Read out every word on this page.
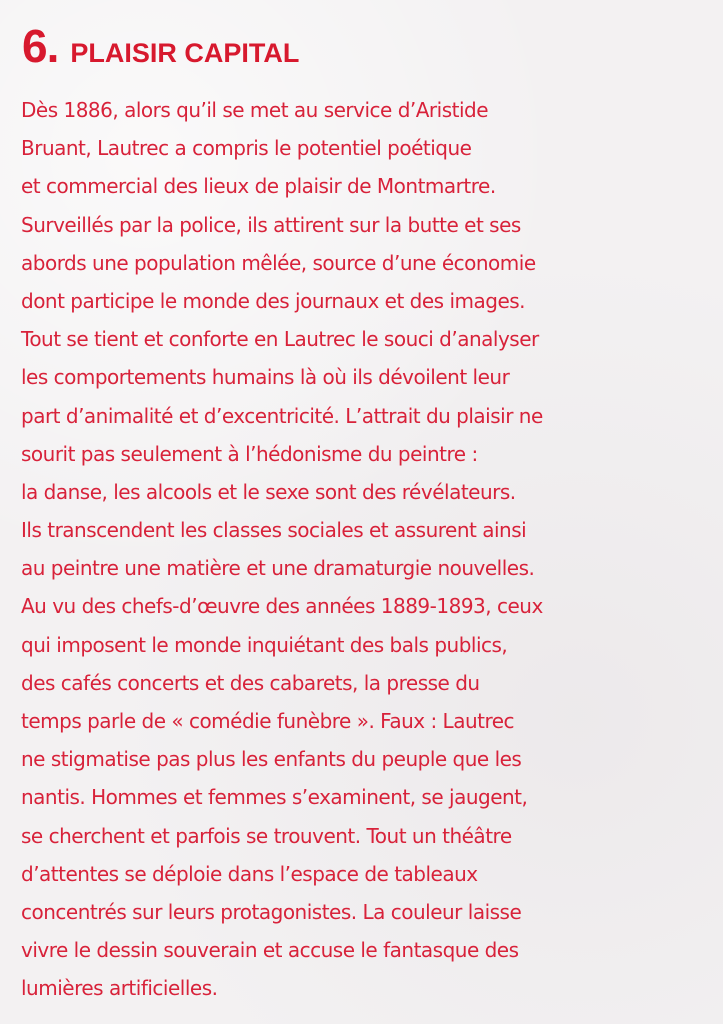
6. PLAISIR CAPITAL
Dès 1886, alors qu’il se met au service d’Aristide
Bruant, Lautrec a compris le potentiel poétique
et commercial des lieux de plaisir de Montmartre.
Surveillés par la police, ils attirent sur la butte et ses
abords une population mêlée, source d’une économie
dont participe le monde des journaux et des images.
Tout se tient et conforte en Lautrec le souci d’analyser
les comportements humains là où ils dévoilent leur
part d’animalité et d’excentricité. L’attrait du plaisir ne
sourit pas seulement à l’hédonisme du peintre :
la danse, les alcools et le sexe sont des révélateurs.
Ils transcendent les classes sociales et assurent ainsi
au peintre une matière et une dramaturgie nouvelles.
Au vu des chefs-d’œuvre des années 1889-1893, ceux
qui imposent le monde inquiétant des bals publics,
des cafés concerts et des cabarets, la presse du
temps parle de « comédie funèbre ». Faux : Lautrec
ne stigmatise pas plus les enfants du peuple que les
nantis. Hommes et femmes s’examinent, se jaugent,
se cherchent et parfois se trouvent. Tout un théâtre
d’attentes se déploie dans l’espace de tableaux
concentrés sur leurs protagonistes. La couleur laisse
vivre le dessin souverain et accuse le fantasque des
lumières artificielles.
